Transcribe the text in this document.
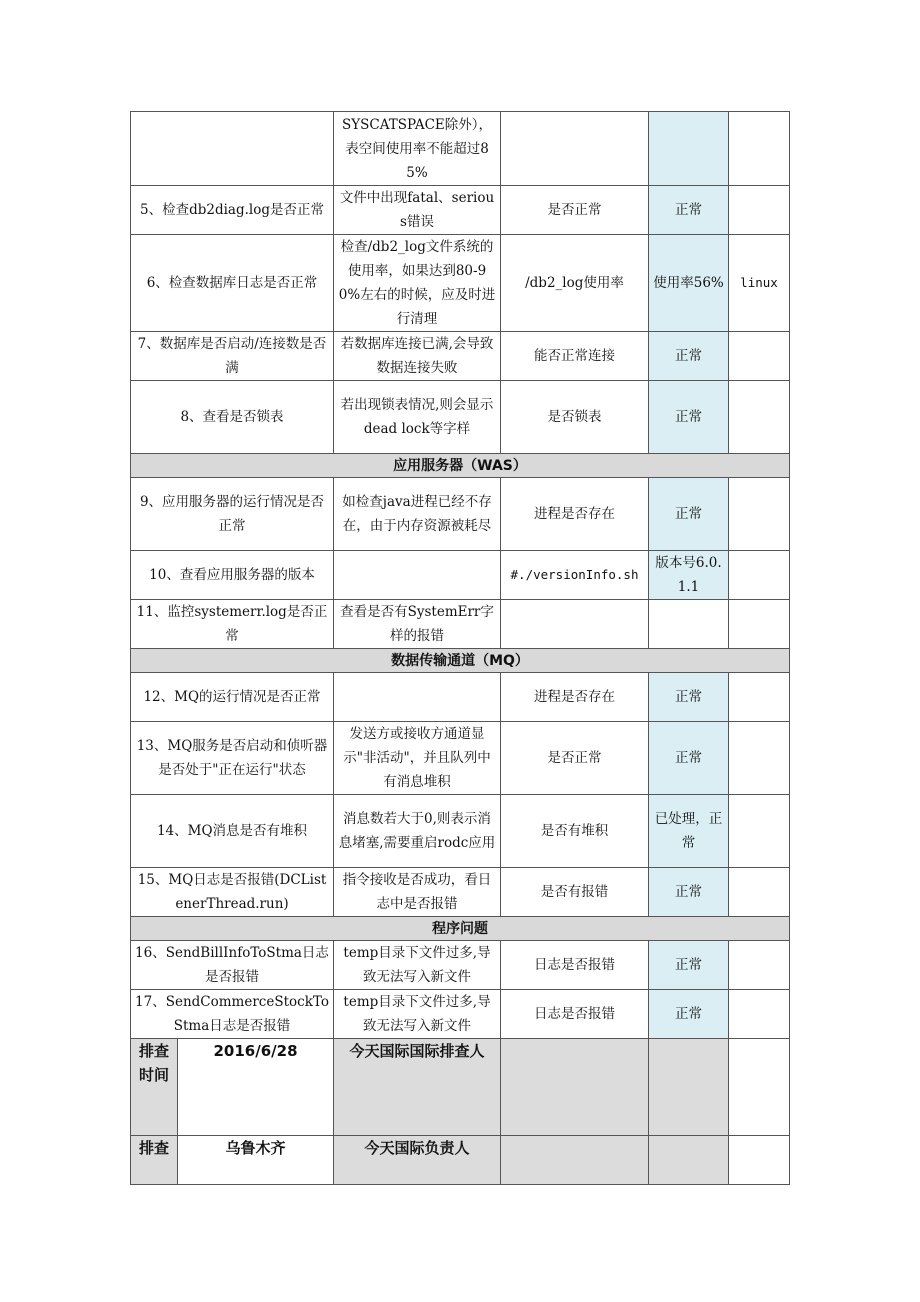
		SYSCATSPACE除外），表空间使用率不能超过85%			
5、检查db2diag.log是否正常		文件中出现fatal、serious错误	是否正常	正常	
6、检查数据库日志是否正常		检查/db2_log文件系统的使用率，如果达到80-90%左右的时候，应及时进行清理	/db2_log使用率	使用率56%	linux
7、数据库是否启动/连接数是否满		若数据库连接已满,会导致数据连接失败	能否正常连接	正常	
8、查看是否锁表		若出现锁表情况,则会显示dead lock等字样	是否锁表	正常	
应用服务器（WAS）					
9、应用服务器的运行情况是否正常		如检查java进程已经不存在，由于内存资源被耗尽	进程是否存在	正常	
10、查看应用服务器的版本			#./versionInfo.sh	版本号6.0.1.1	
11、监控systemerr.log是否正常		查看是否有SystemErr字样的报错			
数据传输通道（MQ）					
12、MQ的运行情况是否正常			进程是否存在	正常	
13、MQ服务是否启动和侦听器是否处于"正在运行"状态		发送方或接收方通道显示"非活动"，并且队列中有消息堆积	是否正常	正常	
14、MQ消息是否有堆积		消息数若大于0,则表示消息堵塞,需要重启rodc应用	是否有堆积	已处理，正常	
15、MQ日志是否报错(DCListenerThread.run)		指令接收是否成功，看日志中是否报错	是否有报错	正常	
程序问题					
16、SendBillInfoToStma日志是否报错		temp目录下文件过多,导致无法写入新文件	日志是否报错	正常	
17、SendCommerceStockToStma日志是否报错		temp目录下文件过多,导致无法写入新文件	日志是否报错	正常	
排查时间	2016/6/28	今天国际国际排查人			
排查	乌鲁木齐	今天国际负责人			
